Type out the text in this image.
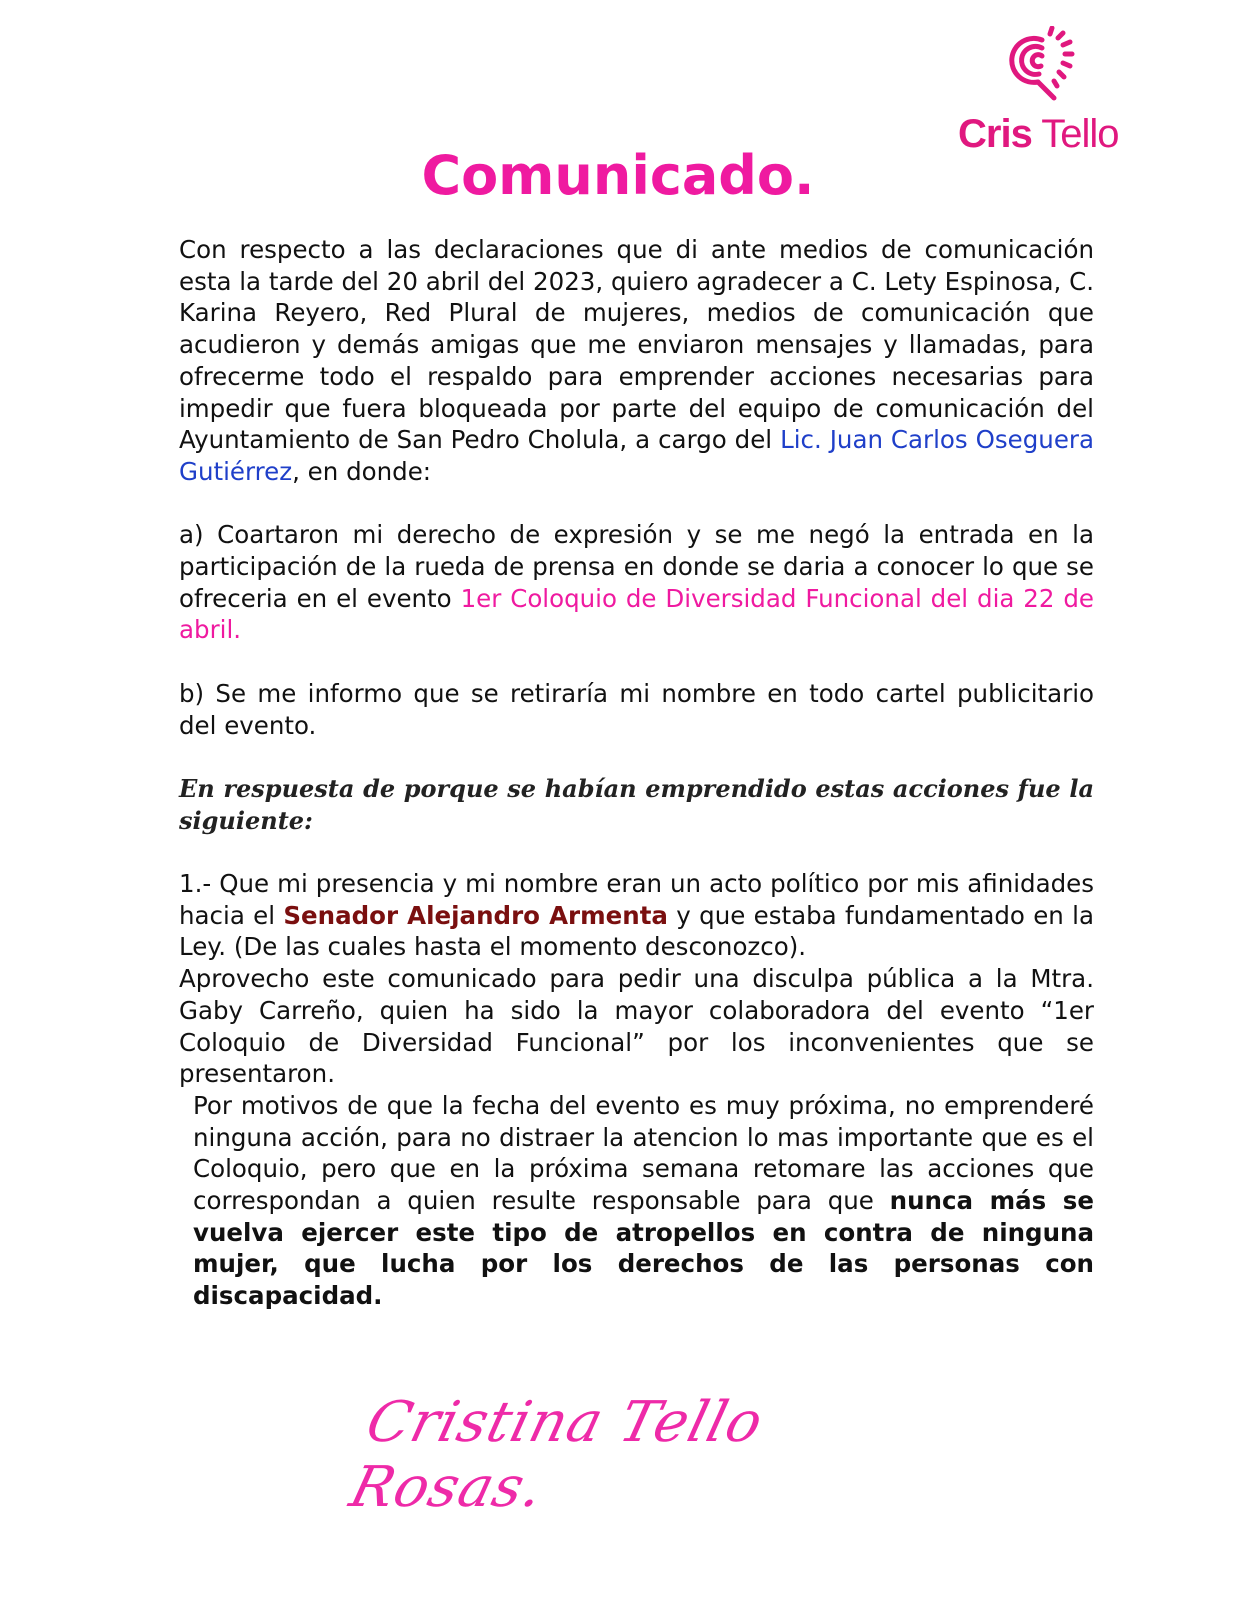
Cris Tello
Comunicado.

Con respecto a las declaraciones que di ante medios de comunicación esta la tarde del 20 abril del 2023, quiero agradecer a C. Lety Espinosa, C. Karina Reyero, Red Plural de mujeres, medios de comunicación que acudieron y demás amigas que me enviaron mensajes y llamadas, para ofrecerme todo el respaldo para emprender acciones necesarias para impedir que fuera bloqueada por parte del equipo de comunicación del Ayuntamiento de San Pedro Cholula, a cargo del Lic. Juan Carlos Oseguera Gutiérrez, en donde:

a) Coartaron mi derecho de expresión y se me negó la entrada en la participación de la rueda de prensa en donde se daria a conocer lo que se ofreceria en el evento 1er Coloquio de Diversidad Funcional del dia 22 de abril.

b) Se me informo que se retiraría mi nombre en todo cartel publicitario del evento.

En respuesta de porque se habían emprendido estas acciones fue la siguiente:

1.- Que mi presencia y mi nombre eran un acto político por mis afinidades hacia el Senador Alejandro Armenta y que estaba fundamentado en la Ley. (De las cuales hasta el momento desconozco).

Aprovecho este comunicado para pedir una disculpa pública a la Mtra. Gaby Carreño, quien ha sido la mayor colaboradora del evento “1er Coloquio de Diversidad Funcional” por los inconvenientes que se presentaron.

Por motivos de que la fecha del evento es muy próxima, no emprenderé ninguna acción, para no distraer la atencion lo mas importante que es el Coloquio, pero que en la próxima semana retomare las acciones que correspondan a quien resulte responsable para que nunca más se vuelva ejercer este tipo de atropellos en contra de ninguna mujer, que lucha por los derechos de las personas con discapacidad.

Cristina Tello Rosas.
